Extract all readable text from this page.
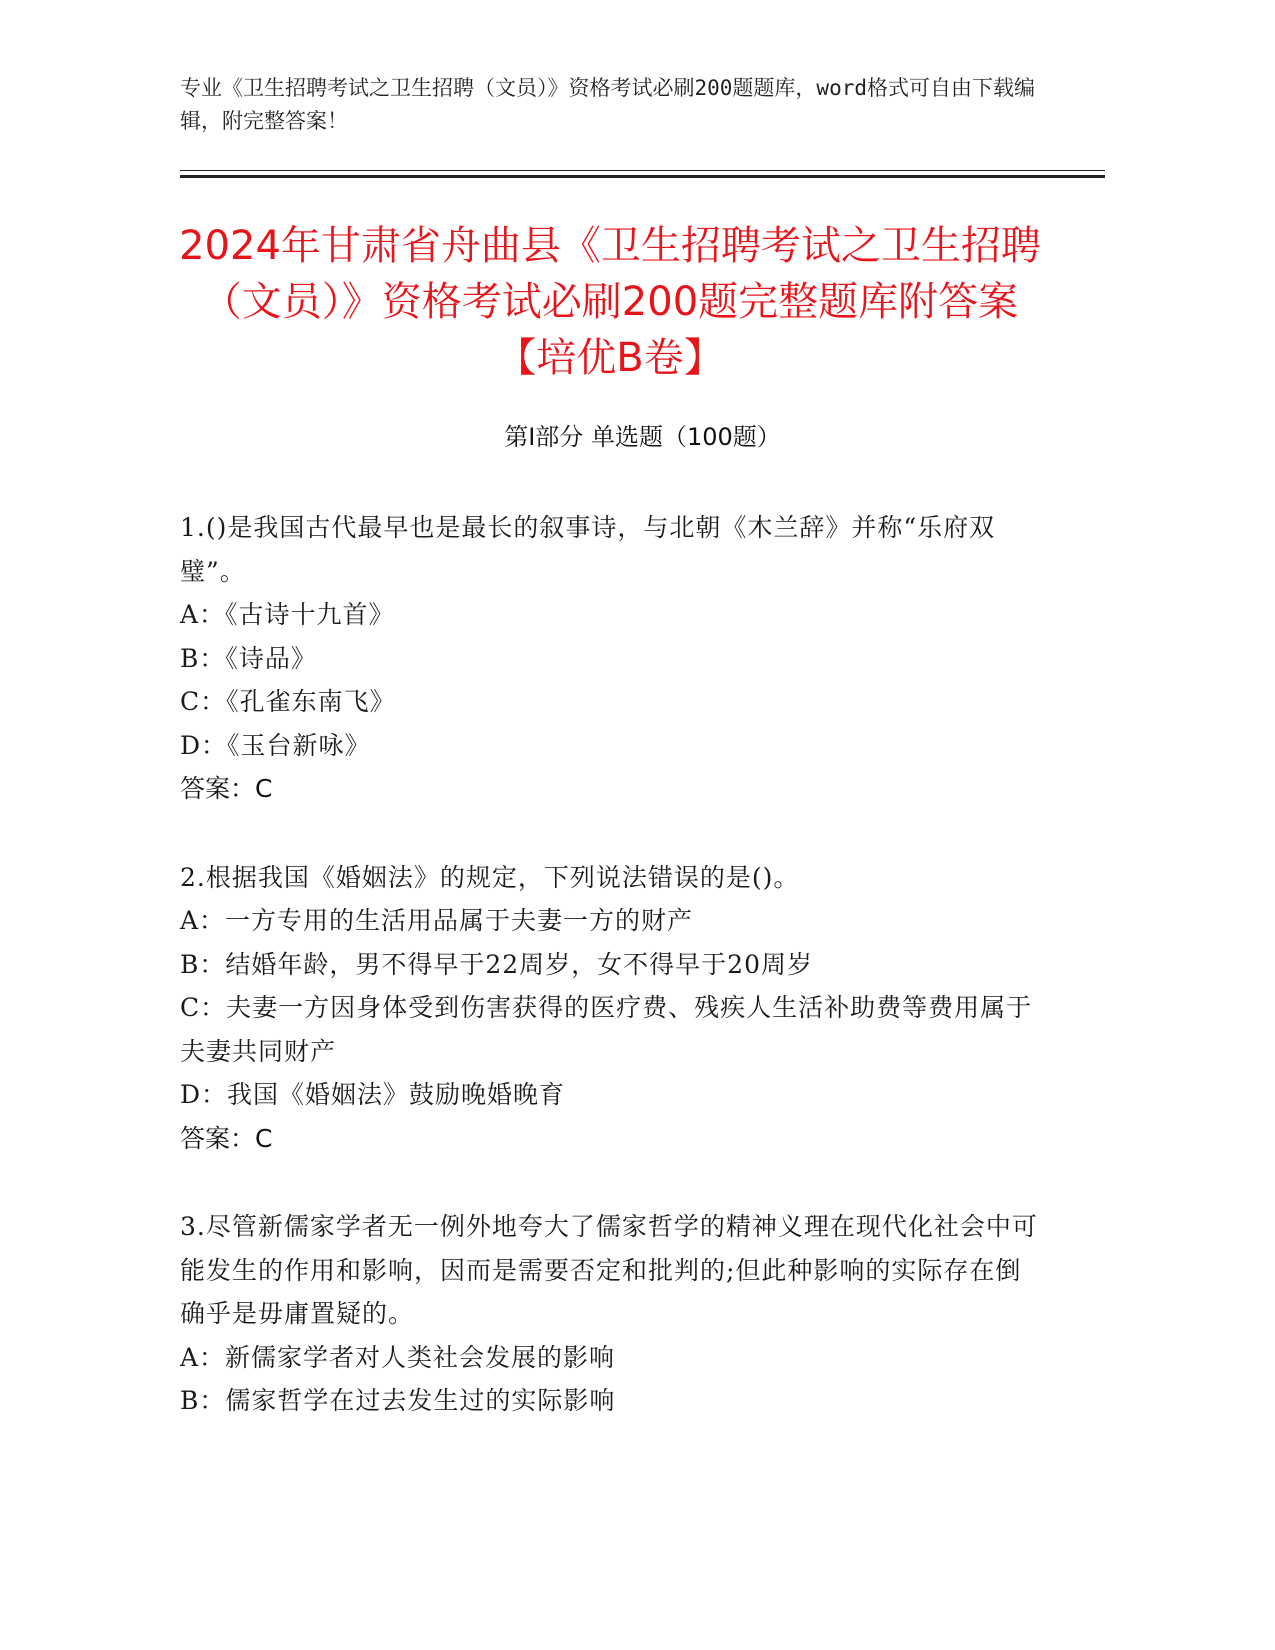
专业《卫生招聘考试之卫生招聘（文员）》资格考试必刷200题题库，word格式可自由下载编辑，附完整答案！
2024年甘肃省舟曲县《卫生招聘考试之卫生招聘（文员）》资格考试必刷200题完整题库附答案【培优B卷】
第Ⅰ部分 单选题（100题）
1.()是我国古代最早也是最长的叙事诗，与北朝《木兰辞》并称“乐府双璧”。
A：《古诗十九首》
B：《诗品》
C：《孔雀东南飞》
D：《玉台新咏》
答案：C
2.根据我国《婚姻法》的规定，下列说法错误的是()。
A：一方专用的生活用品属于夫妻一方的财产
B：结婚年龄，男不得早于22周岁，女不得早于20周岁
C：夫妻一方因身体受到伤害获得的医疗费、残疾人生活补助费等费用属于夫妻共同财产
D：我国《婚姻法》鼓励晚婚晚育
答案：C
3.尽管新儒家学者无一例外地夸大了儒家哲学的精神义理在现代化社会中可能发生的作用和影响，因而是需要否定和批判的;但此种影响的实际存在倒确乎是毋庸置疑的。
A：新儒家学者对人类社会发展的影响
B：儒家哲学在过去发生过的实际影响
